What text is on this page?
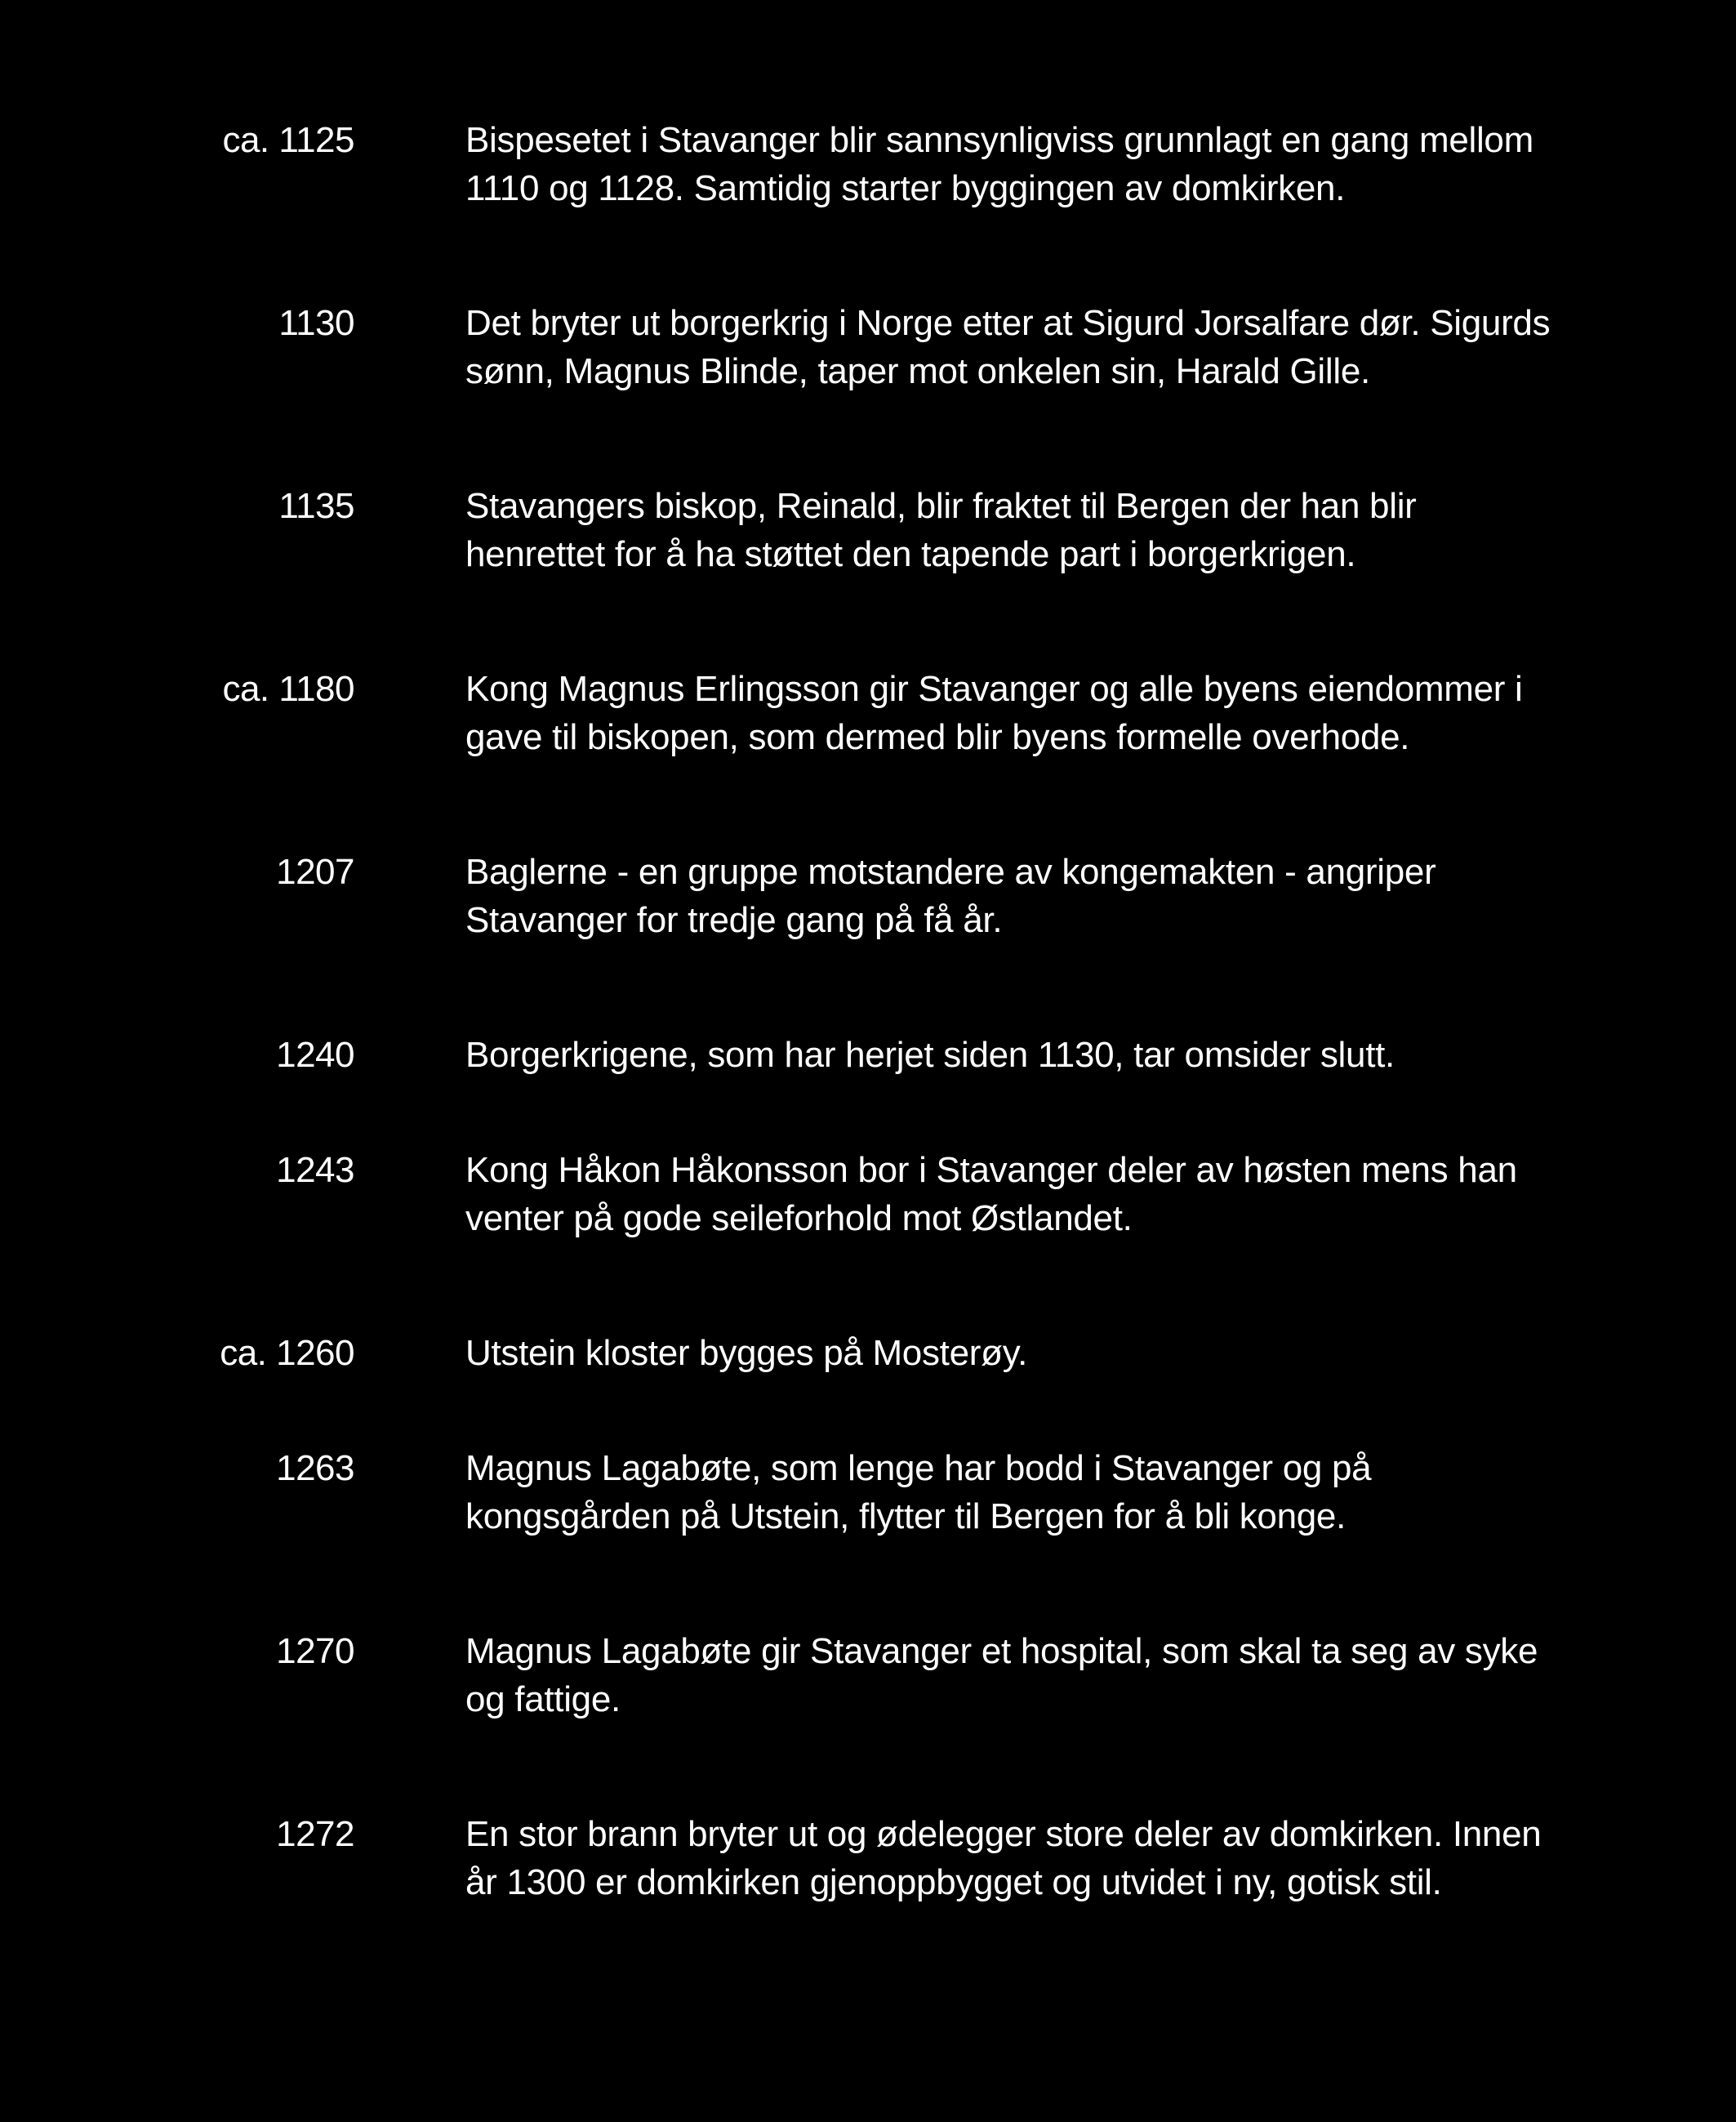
ca. 1125	Bispesetet i Stavanger blir sannsynligviss grunnlagt en gang mellom 1110 og 1128. Samtidig starter byggingen av domkirken.

1130	Det bryter ut borgerkrig i Norge etter at Sigurd Jorsalfare dør. Sigurds sønn, Magnus Blinde, taper mot onkelen sin, Harald Gille.

1135	Stavangers biskop, Reinald, blir fraktet til Bergen der han blir henrettet for å ha støttet den tapende part i borgerkrigen.

ca. 1180	Kong Magnus Erlingsson gir Stavanger og alle byens eiendommer i gave til biskopen, som dermed blir byens formelle overhode.

1207	Baglerne - en gruppe motstandere av kongemakten - angriper Stavanger for tredje gang på få år.

1240	Borgerkrigene, som har herjet siden 1130, tar omsider slutt.

1243	Kong Håkon Håkonsson bor i Stavanger deler av høsten mens han venter på gode seileforhold mot Østlandet.

ca. 1260	Utstein kloster bygges på Mosterøy.

1263	Magnus Lagabøte, som lenge har bodd i Stavanger og på kongsgården på Utstein, flytter til Bergen for å bli konge.

1270	Magnus Lagabøte gir Stavanger et hospital, som skal ta seg av syke og fattige.

1272	En stor brann bryter ut og ødelegger store deler av domkirken. Innen år 1300 er domkirken gjenoppbygget og utvidet i ny, gotisk stil.
